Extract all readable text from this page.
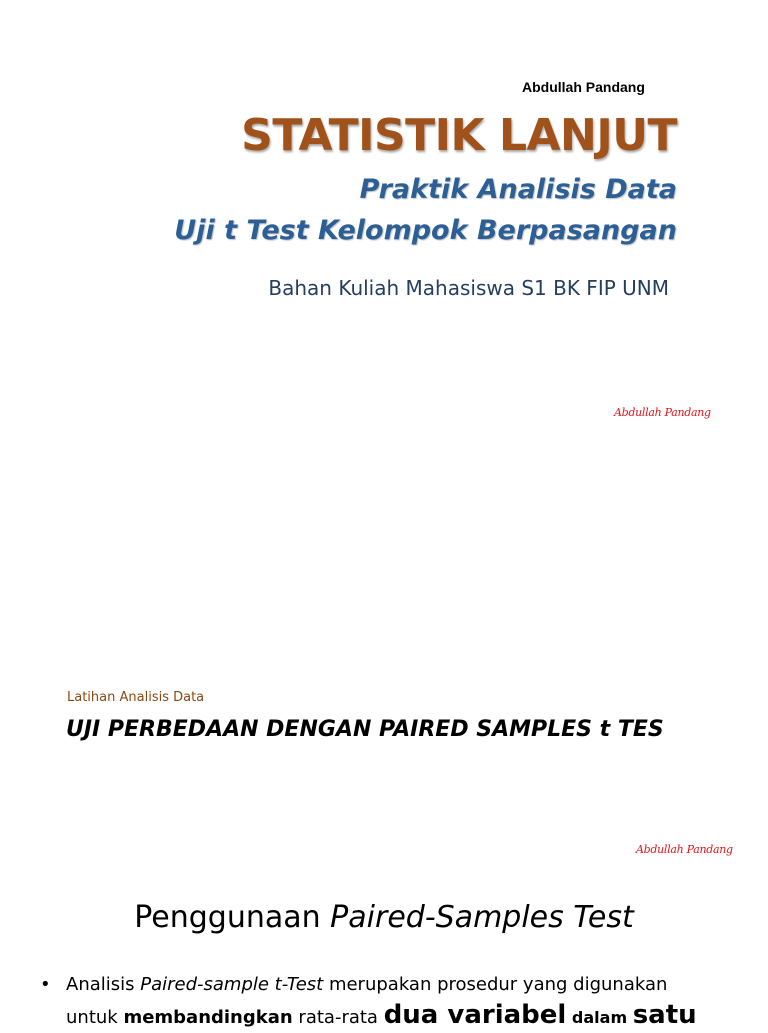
Abdullah Pandang
STATISTIK LANJUT
Praktik Analisis Data
Uji t Test Kelompok Berpasangan
Bahan Kuliah Mahasiswa S1 BK FIP UNM
Abdullah Pandang
Latihan Analisis Data
UJI PERBEDAAN DENGAN PAIRED SAMPLES t TES
Abdullah Pandang
Penggunaan Paired-Samples Test
• Analisis Paired-sample t-Test merupakan prosedur yang digunakan
untuk membandingkan rata-rata dua variabel dalam satu
